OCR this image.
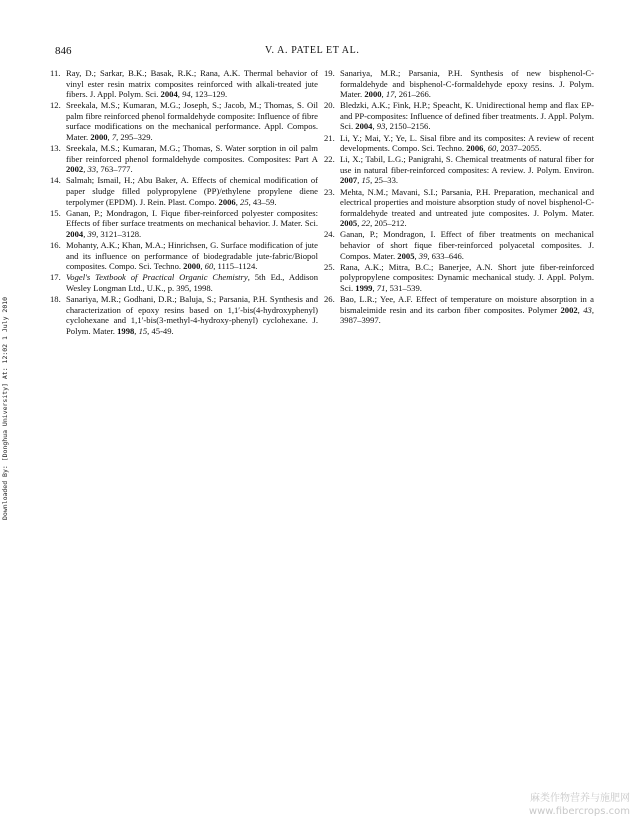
846	V. A. PATEL ET AL.
11. Ray, D.; Sarkar, B.K.; Basak, R.K.; Rana, A.K. Thermal behavior of vinyl ester resin matrix composites reinforced with alkali-treated jute fibers. J. Appl. Polym. Sci. 2004, 94, 123–129.
12. Sreekala, M.S.; Kumaran, M.G.; Joseph, S.; Jacob, M.; Thomas, S. Oil palm fibre reinforced phenol formaldehyde composite: Influence of fibre surface modifications on the mechanical performance. Appl. Compos. Mater. 2000, 7, 295–329.
13. Sreekala, M.S.; Kumaran, M.G.; Thomas, S. Water sorption in oil palm fiber reinforced phenol formaldehyde composites. Composites: Part A 2002, 33, 763–777.
14. Salmah; Ismail, H.; Abu Baker, A. Effects of chemical modification of paper sludge filled polypropylene (PP)/ethylene propylene diene terpolymer (EPDM). J. Rein. Plast. Compo. 2006, 25, 43–59.
15. Ganan, P.; Mondragon, I. Fique fiber-reinforced polyester composites: Effects of fiber surface treatments on mechanical behavior. J. Mater. Sci. 2004, 39, 3121–3128.
16. Mohanty, A.K.; Khan, M.A.; Hinrichsen, G. Surface modification of jute and its influence on performance of biodegradable jute-fabric/Biopol composites. Compo. Sci. Techno. 2000, 60, 1115–1124.
17. Vogel's Textbook of Practical Organic Chemistry, 5th Ed., Addison Wesley Longman Ltd., U.K., p. 395, 1998.
18. Sanariya, M.R.; Godhani, D.R.; Baluja, S.; Parsania, P.H. Synthesis and characterization of epoxy resins based on 1,1′-bis(4-hydroxyphenyl) cyclohexane and 1,1′-bis(3-methyl-4-hydroxy-phenyl) cyclohexane. J. Polym. Mater. 1998, 15, 45-49.
19. Sanariya, M.R.; Parsania, P.H. Synthesis of new bisphenol-C-formaldehyde and bisphenol-C-formaldehyde epoxy resins. J. Polym. Mater. 2000, 17, 261–266.
20. Bledzki, A.K.; Fink, H.P.; Speacht, K. Unidirectional hemp and flax EP- and PP-composites: Influence of defined fiber treatments. J. Appl. Polym. Sci. 2004, 93, 2150–2156.
21. Li, Y.; Mai, Y.; Ye, L. Sisal fibre and its composites: A review of recent developments. Compo. Sci. Techno. 2006, 60, 2037–2055.
22. Li, X.; Tabil, L.G.; Panigrahi, S. Chemical treatments of natural fiber for use in natural fiber-reinforced composites: A review. J. Polym. Environ. 2007, 15, 25–33.
23. Mehta, N.M.; Mavani, S.I.; Parsania, P.H. Preparation, mechanical and electrical properties and moisture absorption study of novel bisphenol-C-formaldehyde treated and untreated jute composites. J. Polym. Mater. 2005, 22, 205–212.
24. Ganan, P.; Mondragon, I. Effect of fiber treatments on mechanical behavior of short fique fiber-reinforced polyacetal composites. J. Compos. Mater. 2005, 39, 633–646.
25. Rana, A.K.; Mitra, B.C.; Banerjee, A.N. Short jute fiber-reinforced polypropylene composites: Dynamic mechanical study. J. Appl. Polym. Sci. 1999, 71, 531–539.
26. Bao, L.R.; Yee, A.F. Effect of temperature on moisture absorption in a bismaleimide resin and its carbon fiber composites. Polymer 2002, 43, 3987–3997.
Downloaded By: [Donghua University] At: 12:02 1 July 2010
麻类作物营养与施肥网
www.fibercrops.com
